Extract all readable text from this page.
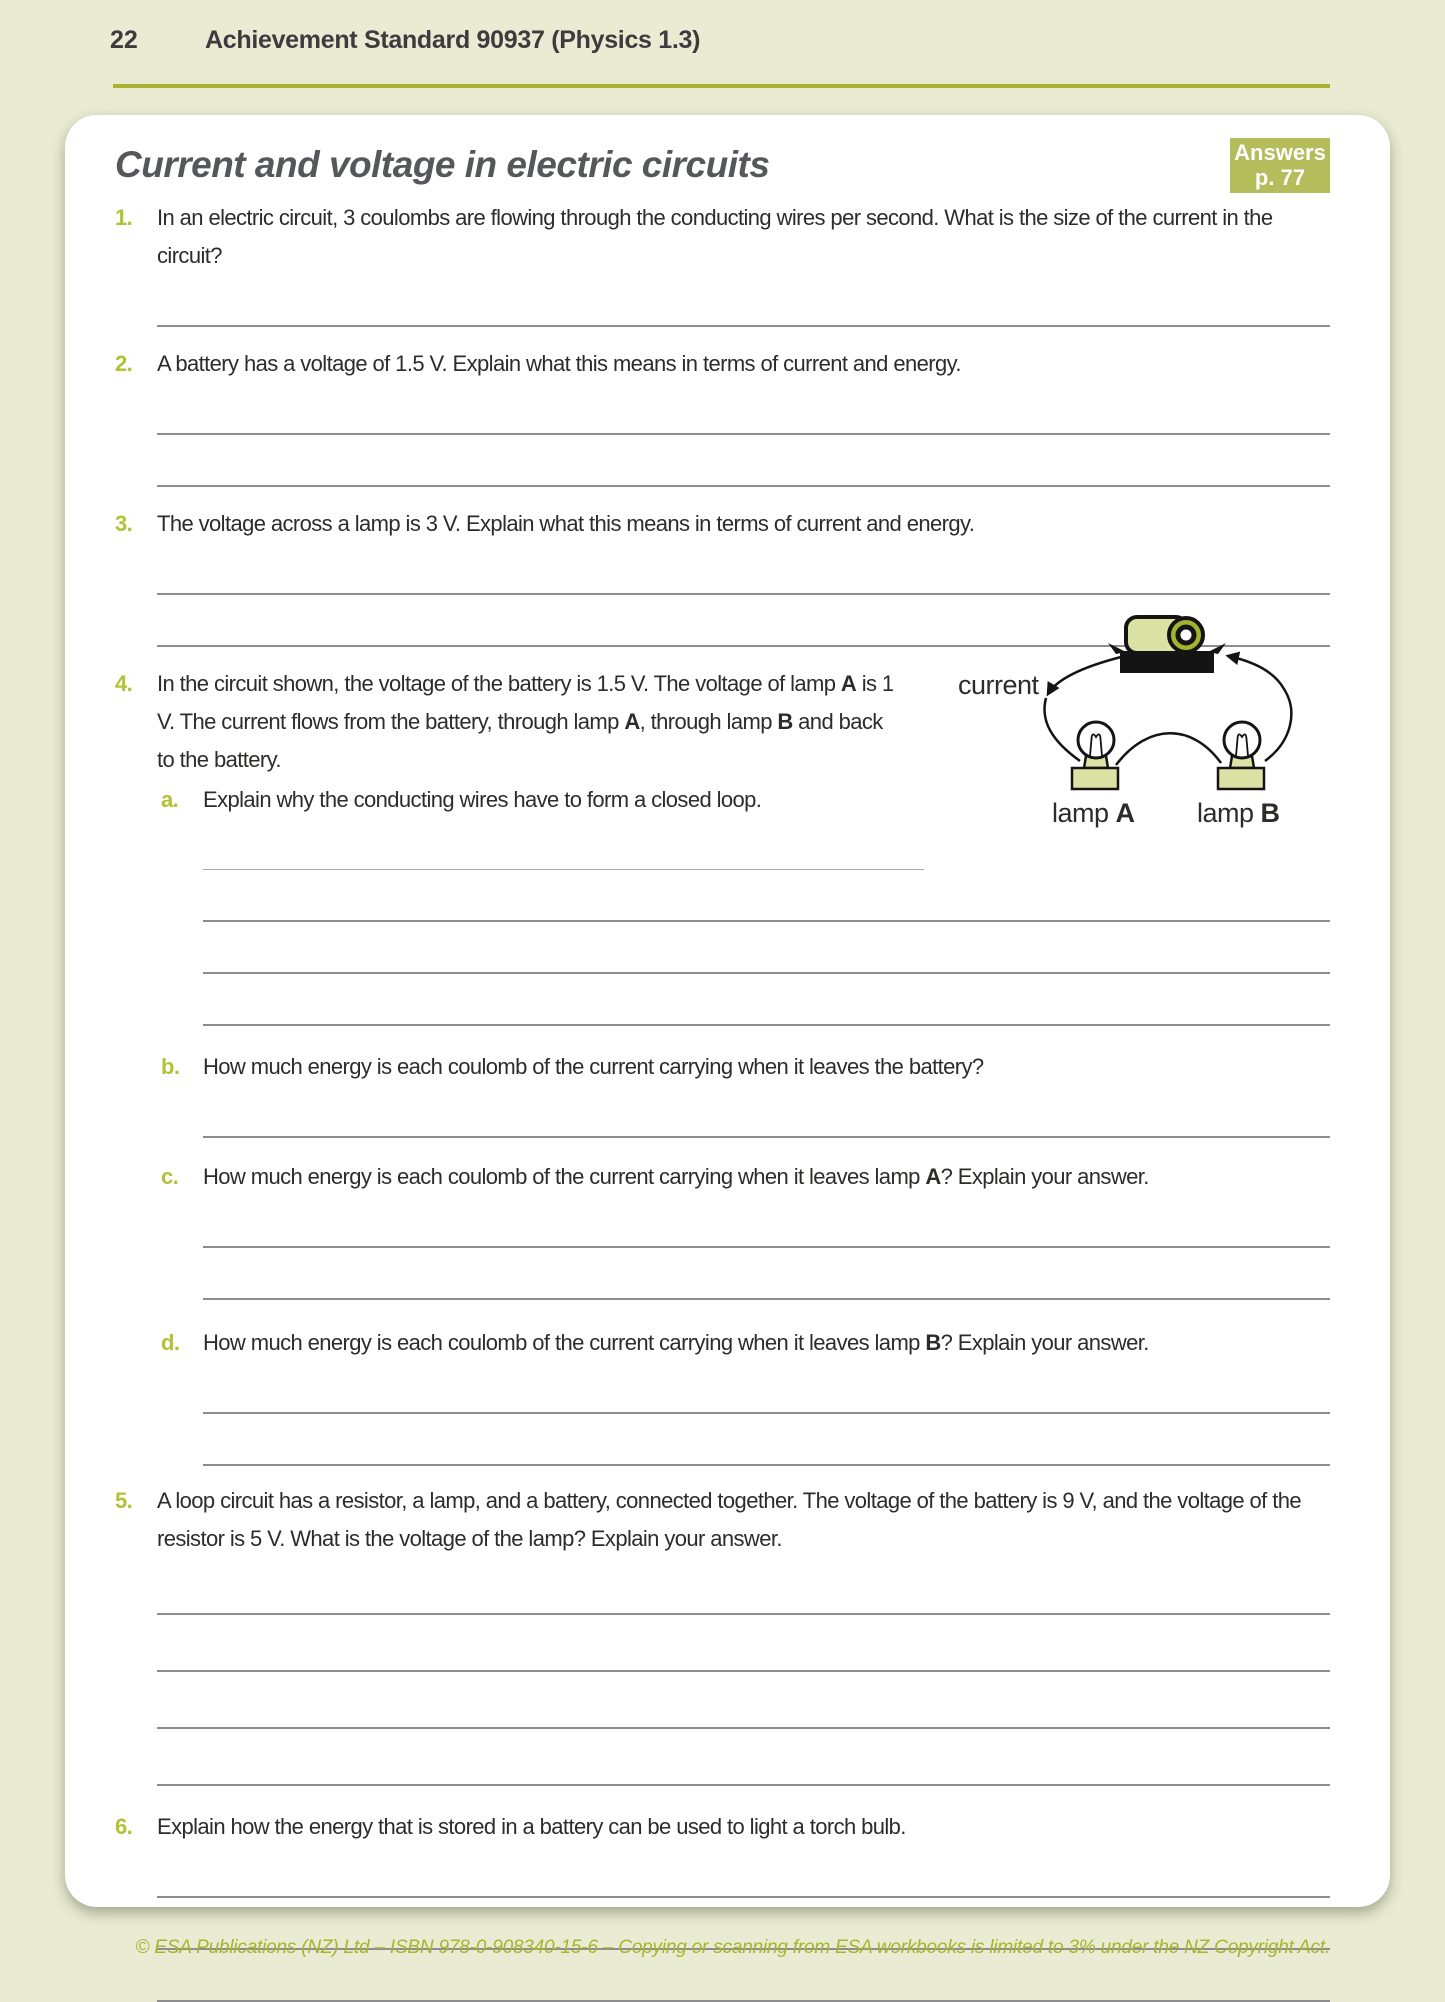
22	Achievement Standard 90937 (Physics 1.3)
Current and voltage in electric circuits	Answers
p. 77
1.	In an electric circuit, 3 coulombs are flowing through the conducting wires per second. What is the size of the current in the circuit?
2.	A battery has a voltage of 1.5 V. Explain what this means in terms of current and energy.
3.	The voltage across a lamp is 3 V. Explain what this means in terms of current and energy.
4.	In the circuit shown, the voltage of the battery is 1.5 V. The voltage of lamp A is 1 V. The current flows from the battery, through lamp A, through lamp B and back to the battery.
current
lamp A lamp B
a.	Explain why the conducting wires have to form a closed loop.
b.	How much energy is each coulomb of the current carrying when it leaves the battery?
c.	How much energy is each coulomb of the current carrying when it leaves lamp A? Explain your answer.
d.	How much energy is each coulomb of the current carrying when it leaves lamp B? Explain your answer.
5.	A loop circuit has a resistor, a lamp, and a battery, connected together. The voltage of the battery is 9 V, and the voltage of the resistor is 5 V. What is the voltage of the lamp? Explain your answer.
6.	Explain how the energy that is stored in a battery can be used to light a torch bulb.
© ESA Publications (NZ) Ltd – ISBN 978-0-908340-15-6 – Copying or scanning from ESA workbooks is limited to 3% under the NZ Copyright Act.
